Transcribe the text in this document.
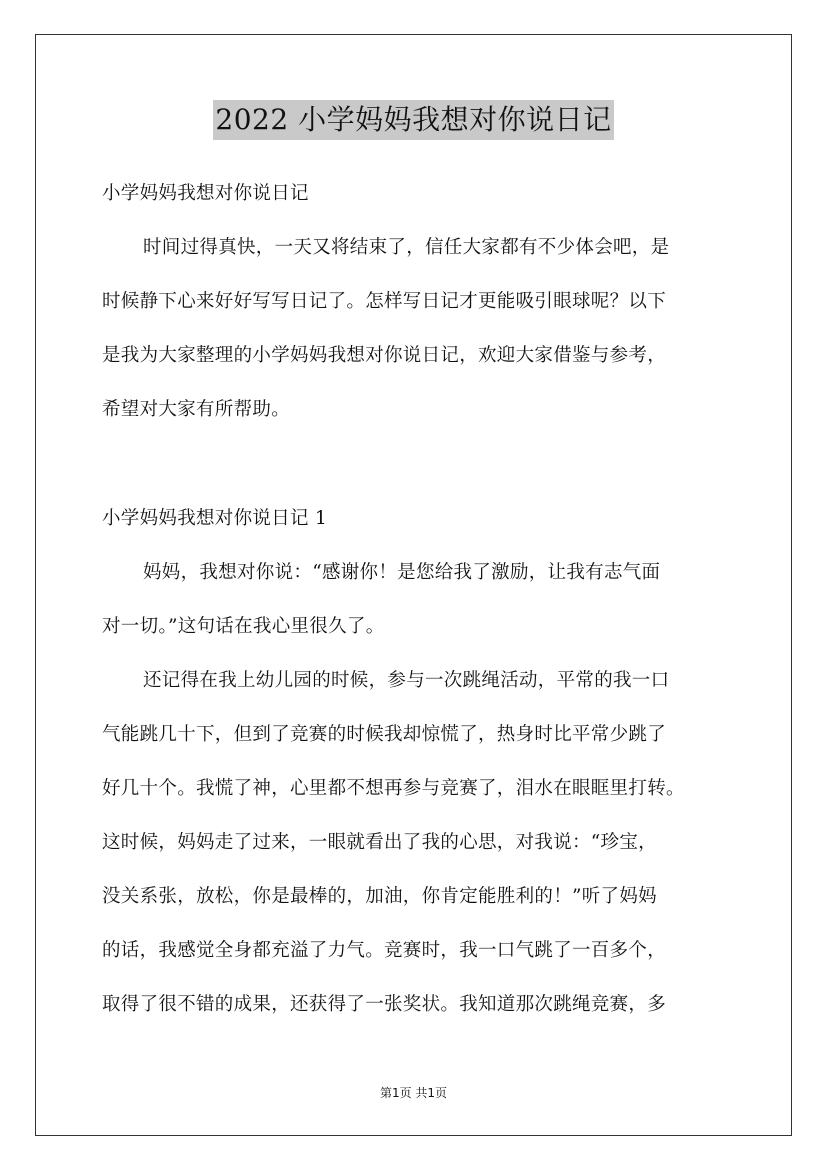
2022 小学妈妈我想对你说日记
小学妈妈我想对你说日记
时间过得真快，一天又将结束了，信任大家都有不少体会吧，是
时候静下心来好好写写日记了。怎样写日记才更能吸引眼球呢？以下
是我为大家整理的小学妈妈我想对你说日记，欢迎大家借鉴与参考，
希望对大家有所帮助。
小学妈妈我想对你说日记 1
妈妈，我想对你说：“感谢你！是您给我了激励，让我有志气面
对一切。”这句话在我心里很久了。
还记得在我上幼儿园的时候，参与一次跳绳活动，平常的我一口
气能跳几十下，但到了竞赛的时候我却惊慌了，热身时比平常少跳了
好几十个。我慌了神，心里都不想再参与竞赛了，泪水在眼眶里打转。
这时候，妈妈走了过来，一眼就看出了我的心思，对我说：“珍宝，
没关系张，放松，你是最棒的，加油，你肯定能胜利的！”听了妈妈
的话，我感觉全身都充溢了力气。竞赛时，我一口气跳了一百多个，
取得了很不错的成果，还获得了一张奖状。我知道那次跳绳竞赛，多
第1页 共1页
